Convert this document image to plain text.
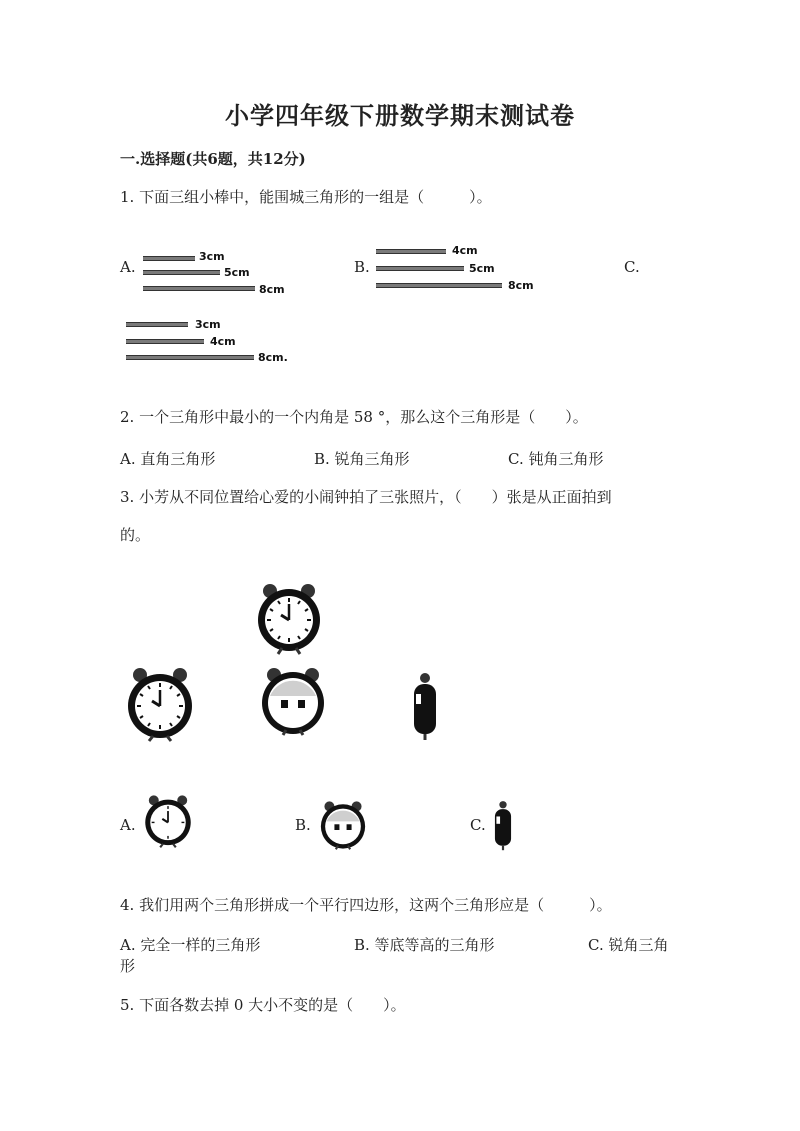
小学四年级下册数学期末测试卷
一.选择题(共6题，共12分)
1. 下面三组小棒中，能围城三角形的一组是（　　　）。
A.
3cm
5cm
8cm
B.
4cm
5cm
8cm
C.
3cm
4cm
8cm.
2. 一个三角形中最小的一个内角是 58 °，那么这个三角形是（　　）。
A. 直角三角形	B. 锐角三角形	C. 钝角三角形
3. 小芳从不同位置给心爱的小闹钟拍了三张照片，（　　）张是从正面拍到
的。
A.	B.	C.
4. 我们用两个三角形拼成一个平行四边形，这两个三角形应是（　　　）。
A. 完全一样的三角形	B. 等底等高的三角形	C. 锐角三角
形
5. 下面各数去掉 0 大小不变的是（　　）。
